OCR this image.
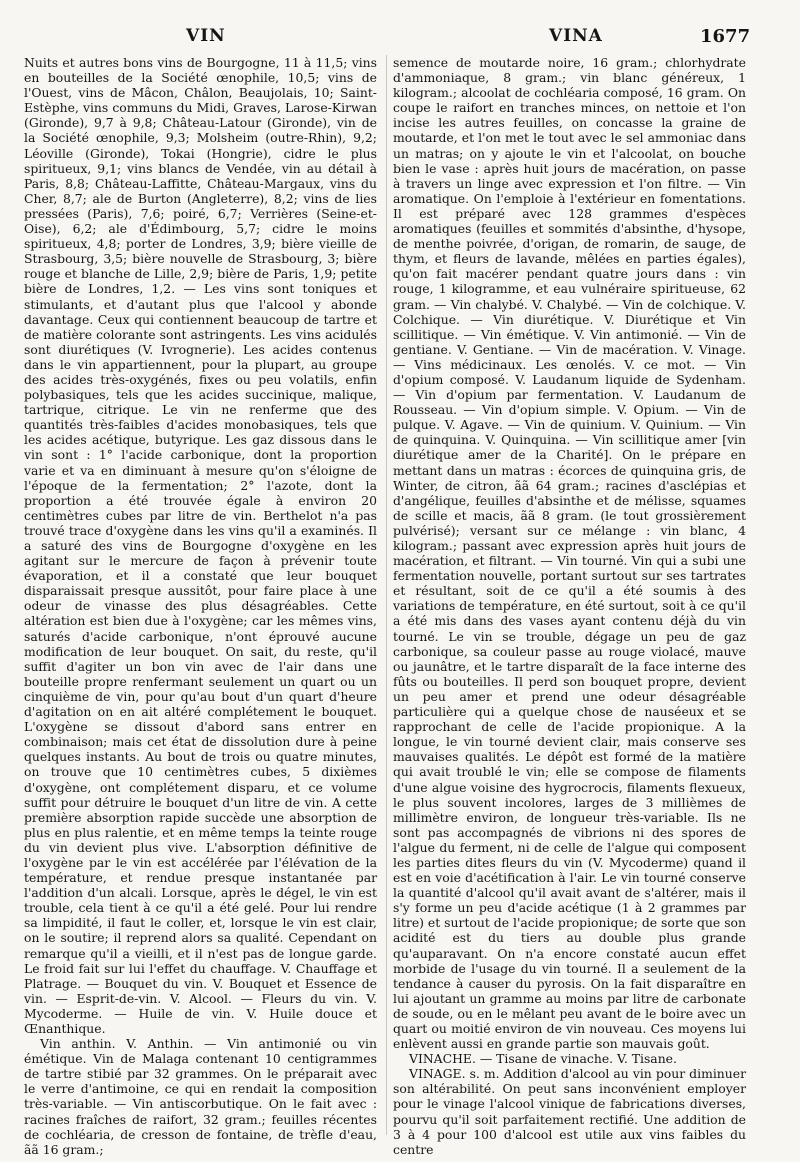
VIN	VINA	1677

Nuits et autres bons vins de Bourgogne, 11 à 11,5; vins en bouteilles de la Société œnophile, 10,5; vins de l'Ouest, vins de Mâcon, Châlon, Beaujolais, 10; Saint-Estèphe, vins communs du Midi, Graves, Larose-Kirwan (Gironde), 9,7 à 9,8; Château-Latour (Gironde), vin de la Société œnophile, 9,3; Molsheim (outre-Rhin), 9,2; Léoville (Gironde), Tokai (Hongrie), cidre le plus spiritueux, 9,1; vins blancs de Vendée, vin au détail à Paris, 8,8; Château-Laffitte, Château-Margaux, vins du Cher, 8,7; ale de Burton (Angleterre), 8,2; vins de lies pressées (Paris), 7,6; poiré, 6,7; Verrières (Seine-et-Oise), 6,2; ale d'Édimbourg, 5,7; cidre le moins spiritueux, 4,8; porter de Londres, 3,9; bière vieille de Strasbourg, 3,5; bière nouvelle de Strasbourg, 3; bière rouge et blanche de Lille, 2,9; bière de Paris, 1,9; petite bière de Londres, 1,2. — Les vins sont toniques et stimulants, et d'autant plus que l'alcool y abonde davantage. Ceux qui contiennent beaucoup de tartre et de matière colorante sont astringents. Les vins acidulés sont diurétiques (V. Ivrognerie). Les acides contenus dans le vin appartiennent, pour la plupart, au groupe des acides très-oxygénés, fixes ou peu volatils, enfin polybasiques, tels que les acides succinique, malique, tartrique, citrique. Le vin ne renferme que des quantités très-faibles d'acides monobasiques, tels que les acides acétique, butyrique. Les gaz dissous dans le vin sont : 1° l'acide carbonique, dont la proportion varie et va en diminuant à mesure qu'on s'éloigne de l'époque de la fermentation; 2° l'azote, dont la proportion a été trouvée égale à environ 20 centimètres cubes par litre de vin. Berthelot n'a pas trouvé trace d'oxygène dans les vins qu'il a examinés. Il a saturé des vins de Bourgogne d'oxygène en les agitant sur le mercure de façon à prévenir toute évaporation, et il a constaté que leur bouquet disparaissait presque aussitôt, pour faire place à une odeur de vinasse des plus désagréables. Cette altération est bien due à l'oxygène; car les mêmes vins, saturés d'acide carbonique, n'ont éprouvé aucune modification de leur bouquet. On sait, du reste, qu'il suffit d'agiter un bon vin avec de l'air dans une bouteille propre renfermant seulement un quart ou un cinquième de vin, pour qu'au bout d'un quart d'heure d'agitation on en ait altéré complétement le bouquet. L'oxygène se dissout d'abord sans entrer en combinaison; mais cet état de dissolution dure à peine quelques instants. Au bout de trois ou quatre minutes, on trouve que 10 centimètres cubes, 5 dixièmes d'oxygène, ont complétement disparu, et ce volume suffit pour détruire le bouquet d'un litre de vin. A cette première absorption rapide succède une absorption de plus en plus ralentie, et en même temps la teinte rouge du vin devient plus vive. L'absorption définitive de l'oxygène par le vin est accélérée par l'élévation de la température, et rendue presque instantanée par l'addition d'un alcali. Lorsque, après le dégel, le vin est trouble, cela tient à ce qu'il a été gelé. Pour lui rendre sa limpidité, il faut le coller, et, lorsque le vin est clair, on le soutire; il reprend alors sa qualité. Cependant on remarque qu'il a vieilli, et il n'est pas de longue garde. Le froid fait sur lui l'effet du chauffage. V. Chauffage et Platrage. — Bouquet du vin. V. Bouquet et Essence de vin. — Esprit-de-vin. V. Alcool. — Fleurs du vin. V. Mycoderme. — Huile de vin. V. Huile douce et Œnanthique.

Vin anthin. V. Anthin. — Vin antimonié ou vin émétique. Vin de Malaga contenant 10 centigrammes de tartre stibié par 32 grammes. On le préparait avec le verre d'antimoine, ce qui en rendait la composition très-variable. — Vin antiscorbutique. On le fait avec : racines fraîches de raifort, 32 gram.; feuilles récentes de cochléaria, de cresson de fontaine, de trèfle d'eau, ãã 16 gram.;

semence de moutarde noire, 16 gram.; chlorhydrate d'ammoniaque, 8 gram.; vin blanc généreux, 1 kilogram.; alcoolat de cochléaria composé, 16 gram. On coupe le raifort en tranches minces, on nettoie et l'on incise les autres feuilles, on concasse la graine de moutarde, et l'on met le tout avec le sel ammoniac dans un matras; on y ajoute le vin et l'alcoolat, on bouche bien le vase : après huit jours de macération, on passe à travers un linge avec expression et l'on filtre. — Vin aromatique. On l'emploie à l'extérieur en fomentations. Il est préparé avec 128 grammes d'espèces aromatiques (feuilles et sommités d'absinthe, d'hysope, de menthe poivrée, d'origan, de romarin, de sauge, de thym, et fleurs de lavande, mêlées en parties égales), qu'on fait macérer pendant quatre jours dans : vin rouge, 1 kilogramme, et eau vulnéraire spiritueuse, 62 gram. — Vin chalybé. V. Chalybé. — Vin de colchique. V. Colchique. — Vin diurétique. V. Diurétique et Vin scillitique. — Vin émétique. V. Vin antimonié. — Vin de gentiane. V. Gentiane. — Vin de macération. V. Vinage. — Vins médicinaux. Les œnolés. V. ce mot. — Vin d'opium composé. V. Laudanum liquide de Sydenham. — Vin d'opium par fermentation. V. Laudanum de Rousseau. — Vin d'opium simple. V. Opium. — Vin de pulque. V. Agave. — Vin de quinium. V. Quinium. — Vin de quinquina. V. Quinquina. — Vin scillitique amer [vin diurétique amer de la Charité]. On le prépare en mettant dans un matras : écorces de quinquina gris, de Winter, de citron, ãã 64 gram.; racines d'asclépias et d'angélique, feuilles d'absinthe et de mélisse, squames de scille et macis, ãã 8 gram. (le tout grossièrement pulvérisé); versant sur ce mélange : vin blanc, 4 kilogram.; passant avec expression après huit jours de macération, et filtrant. — Vin tourné. Vin qui a subi une fermentation nouvelle, portant surtout sur ses tartrates et résultant, soit de ce qu'il a été soumis à des variations de température, en été surtout, soit à ce qu'il a été mis dans des vases ayant contenu déjà du vin tourné. Le vin se trouble, dégage un peu de gaz carbonique, sa couleur passe au rouge violacé, mauve ou jaunâtre, et le tartre disparaît de la face interne des fûts ou bouteilles. Il perd son bouquet propre, devient un peu amer et prend une odeur désagréable particulière qui a quelque chose de nauséeux et se rapprochant de celle de l'acide propionique. A la longue, le vin tourné devient clair, mais conserve ses mauvaises qualités. Le dépôt est formé de la matière qui avait troublé le vin; elle se compose de filaments d'une algue voisine des hygrocrocis, filaments flexueux, le plus souvent incolores, larges de 3 millièmes de millimètre environ, de longueur très-variable. Ils ne sont pas accompagnés de vibrions ni des spores de l'algue du ferment, ni de celle de l'algue qui composent les parties dites fleurs du vin (V. Mycoderme) quand il est en voie d'acétification à l'air. Le vin tourné conserve la quantité d'alcool qu'il avait avant de s'altérer, mais il s'y forme un peu d'acide acétique (1 à 2 grammes par litre) et surtout de l'acide propionique; de sorte que son acidité est du tiers au double plus grande qu'auparavant. On n'a encore constaté aucun effet morbide de l'usage du vin tourné. Il a seulement de la tendance à causer du pyrosis. On la fait disparaître en lui ajoutant un gramme au moins par litre de carbonate de soude, ou en le mêlant peu avant de le boire avec un quart ou moitié environ de vin nouveau. Ces moyens lui enlèvent aussi en grande partie son mauvais goût.

VINACHE. — Tisane de vinache. V. Tisane.

VINAGE. s. m. Addition d'alcool au vin pour diminuer son altérabilité. On peut sans inconvénient employer pour le vinage l'alcool vinique de fabrications diverses, pourvu qu'il soit parfaitement rectifié. Une addition de 3 à 4 pour 100 d'alcool est utile aux vins faibles du centre
